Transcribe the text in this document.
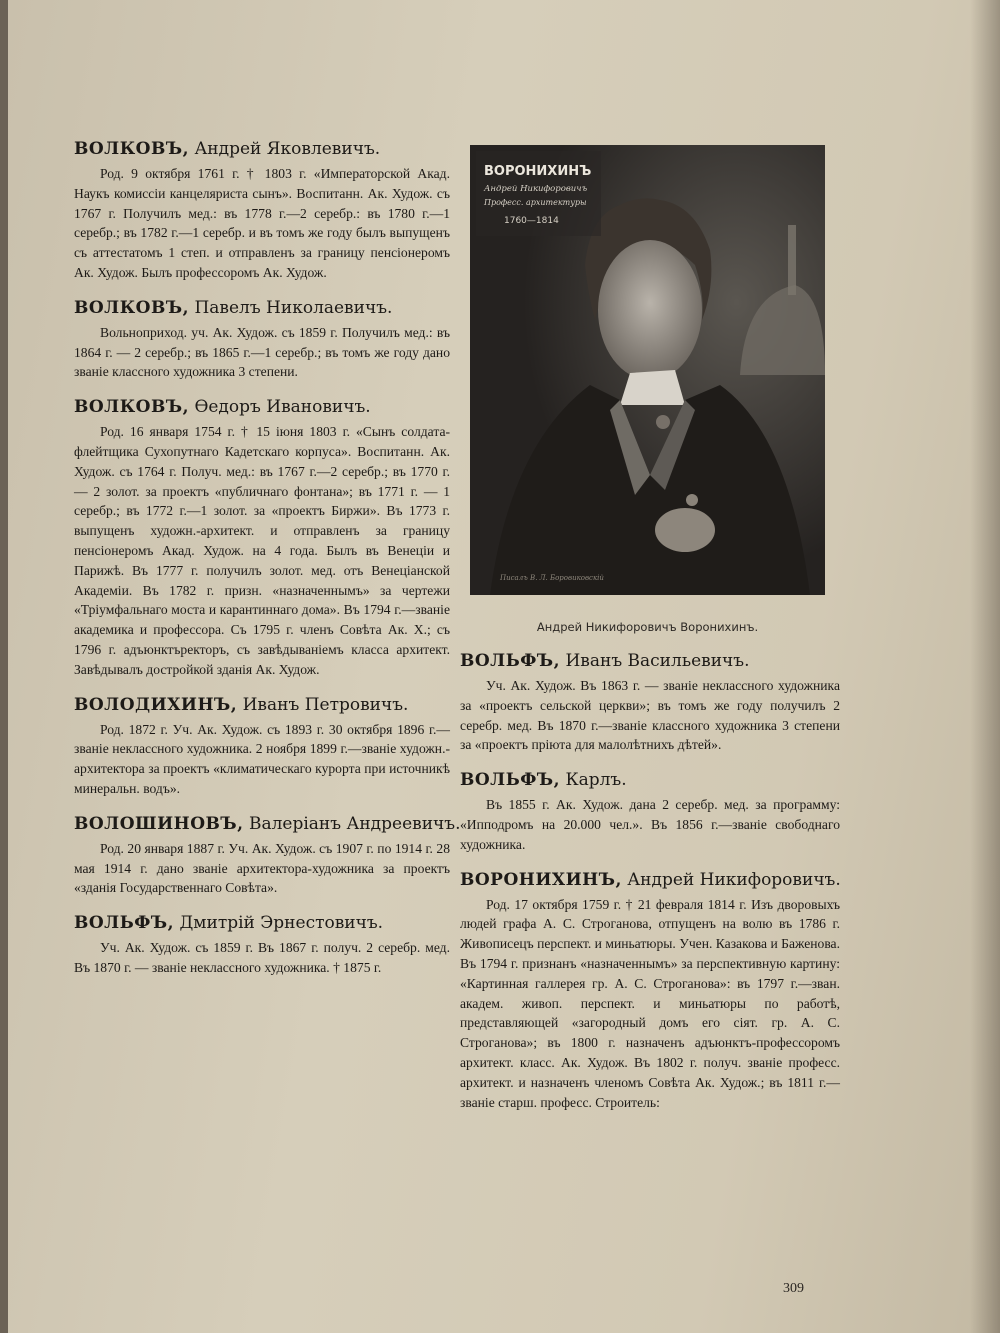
ВОЛКОВЪ, Андрей Яковлевичъ.

Род. 9 октября 1761 г. † 1803 г. «Императорской Акад. Наукъ комиссiи канцеляриста сынъ». Воспитанн. Ак. Худож. съ 1767 г. Получилъ мед.: въ 1778 г.—2 серебр.: въ 1780 г.—1 серебр.; въ 1782 г.—1 серебр. и въ томъ же году былъ выпущенъ съ аттестатомъ 1 степ. и отправленъ за границу пенсiонеромъ Ак. Худож. Былъ профессоромъ Ак. Худож.

ВОЛКОВЪ, Павелъ Николаевичъ.

Вольноприход. уч. Ак. Худож. съ 1859 г. Получилъ мед.: въ 1864 г. — 2 серебр.; въ 1865 г.—1 серебр.; въ томъ же году дано званiе классного художника 3 степени.

ВОЛКОВЪ, Өедоръ Ивановичъ.

Род. 16 января 1754 г. † 15 iюня 1803 г. «Сынъ солдата-флейтщика Сухопутнаго Кадетскаго корпуса». Воспитанн. Ак. Худож. съ 1764 г. Получ. мед.: въ 1767 г.—2 серебр.; въ 1770 г. — 2 золот. за проектъ «публичнаго фонтана»; въ 1771 г. — 1 серебр.; въ 1772 г.—1 золот. за «проектъ Биржи». Въ 1773 г. выпущенъ художн.-архитект. и отправленъ за границу пенсiонеромъ Акад. Худож. на 4 года. Былъ въ Венецiи и Парижѣ. Въ 1777 г. получилъ золот. мед. отъ Венецiанской Академiи. Въ 1782 г. призн. «назначеннымъ» за чертежи «Трiумфальнаго моста и карантиннаго дома». Въ 1794 г.—званiе академика и профессора. Съ 1795 г. членъ Совѣта Ак. Х.; съ 1796 г. адъюнктъректоръ, съ завѣдыванiемъ класса архитект. Завѣдывалъ достройкой зданiя Ак. Худож.

ВОЛОДИХИНЪ, Иванъ Петровичъ.

Род. 1872 г. Уч. Ак. Худож. съ 1893 г. 30 октября 1896 г.—званiе неклассного художника. 2 ноября 1899 г.—званiе художн.-архитектора за проектъ «климатическаго курорта при источникѣ минеральн. водъ».

ВОЛОШИНОВЪ, Валерiанъ Андреевичъ.

Род. 20 января 1887 г. Уч. Ак. Худож. съ 1907 г. по 1914 г. 28 мая 1914 г. дано званiе архитектора-художника за проектъ «зданiя Государственнаго Совѣта».

ВОЛЬФЪ, Дмитрiй Эрнестовичъ.

Уч. Ак. Худож. съ 1859 г. Въ 1867 г. получ. 2 серебр. мед. Въ 1870 г. — званiе неклассного художника. † 1875 г.

ВОРОНИХИНЪ
Андрей Никифоровичъ
Професс. архитектуры
1760—1814
Писалъ В. Л. Боровиковскій
Андрей Никифоровичъ Воронихинъ.

ВОЛЬФЪ, Иванъ Васильевичъ.

Уч. Ак. Худож. Въ 1863 г. — званiе неклассного художника за «проектъ сельской церкви»; въ томъ же году получилъ 2 серебр. мед. Въ 1870 г.—званiе классного художника 3 степени за «проектъ прiюта для малолѣтнихъ дѣтей».

ВОЛЬФЪ, Карлъ.

Въ 1855 г. Ак. Худож. дана 2 серебр. мед. за программу: «Ипподромъ на 20.000 чел.». Въ 1856 г.—званiе свободнаго художника.

ВОРОНИХИНЪ, Андрей Никифоровичъ.

Род. 17 октября 1759 г. † 21 февраля 1814 г. Изъ дворовыхъ людей графа А. С. Строганова, отпущенъ на волю въ 1786 г. Живописецъ перспект. и миньатюры. Учен. Казакова и Баженова. Въ 1794 г. признанъ «назначеннымъ» за перспективную картину: «Картинная галлерея гр. А. С. Строганова»: въ 1797 г.—зван. академ. живоп. перспект. и миньатюры по работѣ, представляющей «загородный домъ его сiят. гр. А. С. Строганова»; въ 1800 г. назначенъ адъюнктъ-профессоромъ архитект. класс. Ак. Худож. Въ 1802 г. получ. званiе професс. архитект. и назначенъ членомъ Совѣта Ак. Худож.; въ 1811 г.—званiе старш. професс. Строитель:

309
